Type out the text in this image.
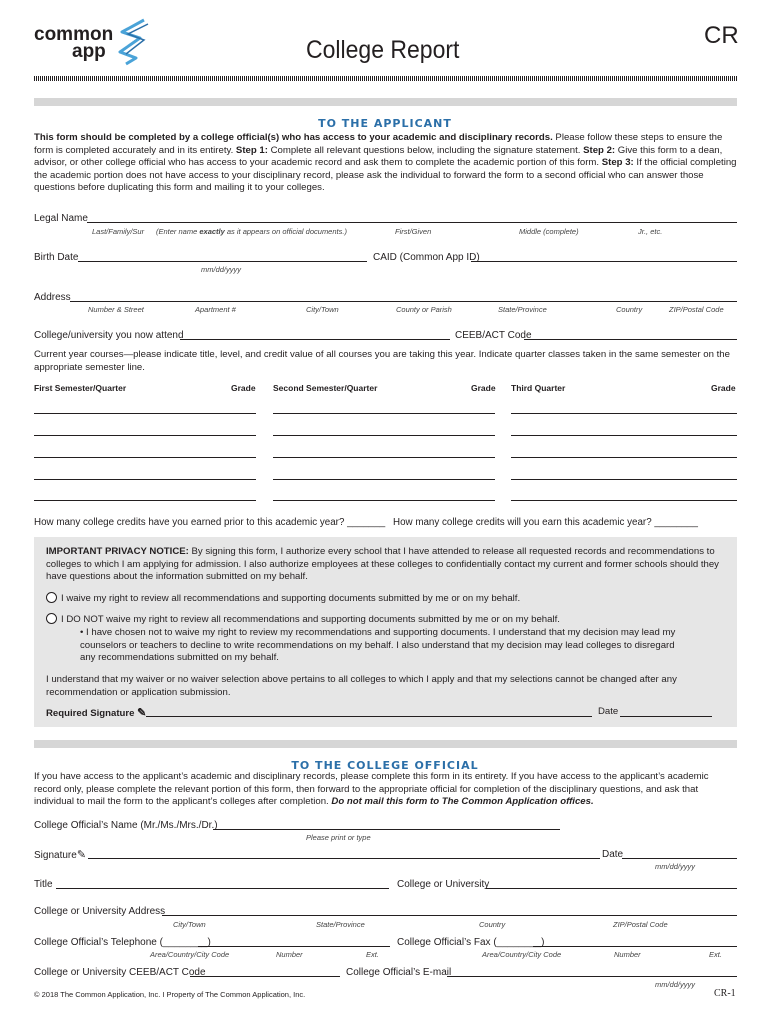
common
app	College Report
CR
TO THE APPLICANT
This form should be completed by a college official(s) who has access to your academic and disciplinary records. Please follow these steps to ensure the form is completed accurately and in its entirety. Step 1: Complete all relevant questions below, including the signature statement. Step 2: Give this form to a dean, advisor, or other college official who has access to your academic record and ask them to complete the academic portion of this form. Step 3: If the official completing the academic portion does not have access to your disciplinary record, please ask the individual to forward the form to a second official who can answer those questions before duplicating this form and mailing it to your colleges.
Legal Name
Last/Family/Sur (Enter name exactly as it appears on official documents.)	First/Given	Middle (complete)	Jr., etc.
Birth Date
mm/dd/yyyy
CAID (Common App ID)
Address
Number & Street	Apartment #	City/Town	County or Parish	State/Province	Country	ZIP/Postal Code
College/university you now attend	CEEB/ACT Code
Current year courses—please indicate title, level, and credit value of all courses you are taking this year. Indicate quarter classes taken in the same semester on the appropriate semester line.
First Semester/Quarter	Grade Second Semester/Quarter	Grade Third Quarter	Grade
How many college credits have you earned prior to this academic year? _______ How many college credits will you earn this academic year? ________
IMPORTANT PRIVACY NOTICE: By signing this form, I authorize every school that I have attended to release all requested records and recommendations to colleges to which I am applying for admission. I also authorize employees at these colleges to confidentially contact my current and former schools should they have questions about the information submitted on my behalf.
I waive my right to review all recommendations and supporting documents submitted by me or on my behalf.
I DO NOT waive my right to review all recommendations and supporting documents submitted by me or on my behalf.
• I have chosen not to waive my right to review my recommendations and supporting documents. I understand that my decision may lead my counselors or teachers to decline to write recommendations on my behalf. I also understand that my decision may lead colleges to disregard any recommendations submitted on my behalf.
I understand that my waiver or no waiver selection above pertains to all colleges to which I apply and that my selections cannot be changed after any recommendation or application submission.
Required Signature ✎	Date
TO THE COLLEGE OFFICIAL
If you have access to the applicant’s academic and disciplinary records, please complete this form in its entirety. If you have access to the applicant’s academic record only, please complete the relevant portion of this form, then forward to the appropriate official for completion of the disciplinary questions, and ask that individual to mail the form to the applicant’s colleges after completion. Do not mail this form to The Common Application offices.
College Official’s Name (Mr./Ms./Mrs./Dr.)
Please print or type
Signature✎	Date
mm/dd/yyyy
Title	College or University
College or University Address
City/Town	State/Province	Country	ZIP/Postal Code
College Official’s Telephone (________)
Area/Country/City Code	Number	Ext.
College Official’s Fax (________)
Area/Country/City Code	Number	Ext.
College or University CEEB/ACT Code	College Official’s E-mail
mm/dd/yyyy
© 2018 The Common Application, Inc. I Property of The Common Application, Inc.	CR-1
